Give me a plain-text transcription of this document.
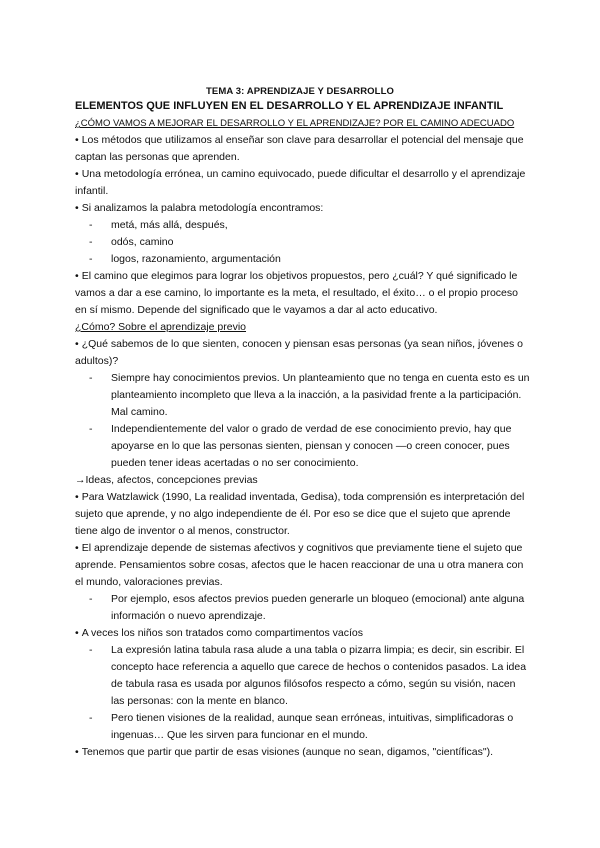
TEMA 3: APRENDIZAJE Y DESARROLLO

ELEMENTOS QUE INFLUYEN EN EL DESARROLLO Y EL APRENDIZAJE INFANTIL

¿CÓMO VAMOS A MEJORAR EL DESARROLLO Y EL APRENDIZAJE? POR EL CAMINO ADECUADO

• Los métodos que utilizamos al enseñar son clave para desarrollar el potencial del mensaje que captan las personas que aprenden.

• Una metodología errónea, un camino equivocado, puede dificultar el desarrollo y el aprendizaje infantil.

• Si analizamos la palabra metodología encontramos:

- metá, más allá, después,
- odós, camino
- logos, razonamiento, argumentación

• El camino que elegimos para lograr los objetivos propuestos, pero ¿cuál? Y qué significado le vamos a dar a ese camino, lo importante es la meta, el resultado, el éxito… o el propio proceso en sí mismo. Depende del significado que le vayamos a dar al acto educativo.

¿Cómo? Sobre el aprendizaje previo

• ¿Qué sabemos de lo que sienten, conocen y piensan esas personas (ya sean niños, jóvenes o adultos)?

- Siempre hay conocimientos previos. Un planteamiento que no tenga en cuenta esto es un planteamiento incompleto que lleva a la inacción, a la pasividad frente a la participación. Mal camino.
- Independientemente del valor o grado de verdad de ese conocimiento previo, hay que apoyarse en lo que las personas sienten, piensan y conocen —o creen conocer, pues pueden tener ideas acertadas o no ser conocimiento.

→Ideas, afectos, concepciones previas

• Para Watzlawick (1990, La realidad inventada, Gedisa), toda comprensión es interpretación del sujeto que aprende, y no algo independiente de él. Por eso se dice que el sujeto que aprende tiene algo de inventor o al menos, constructor.

• El aprendizaje depende de sistemas afectivos y cognitivos que previamente tiene el sujeto que aprende. Pensamientos sobre cosas, afectos que le hacen reaccionar de una u otra manera con el mundo, valoraciones previas.

- Por ejemplo, esos afectos previos pueden generarle un bloqueo (emocional) ante alguna información o nuevo aprendizaje.

• A veces los niños son tratados como compartimentos vacíos

- La expresión latina tabula rasa alude a una tabla o pizarra limpia; es decir, sin escribir. El concepto hace referencia a aquello que carece de hechos o contenidos pasados. La idea de tabula rasa es usada por algunos filósofos respecto a cómo, según su visión, nacen las personas: con la mente en blanco.
- Pero tienen visiones de la realidad, aunque sean erróneas, intuitivas, simplificadoras o ingenuas… Que les sirven para funcionar en el mundo.

• Tenemos que partir que partir de esas visiones (aunque no sean, digamos, "científicas").
